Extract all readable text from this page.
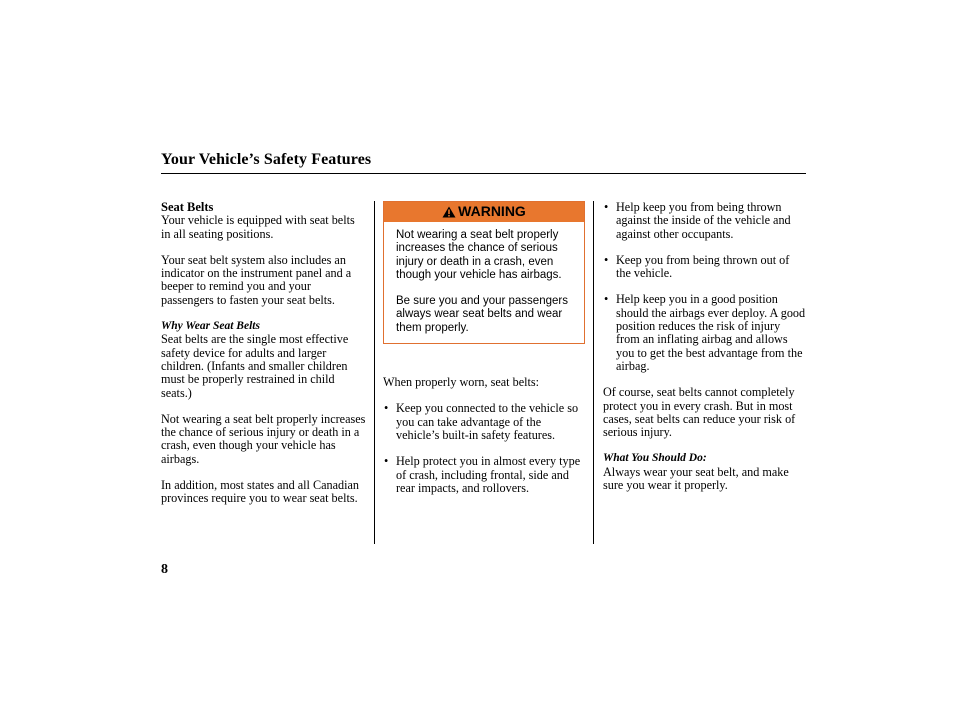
Your Vehicle’s Safety Features
Seat Belts

Your vehicle is equipped with seat belts in all seating positions.

Your seat belt system also includes an indicator on the instrument panel and a beeper to remind you and your passengers to fasten your seat belts.

Why Wear Seat Belts

Seat belts are the single most effective safety device for adults and larger children. (Infants and smaller children must be properly restrained in child seats.)

Not wearing a seat belt properly increases the chance of serious injury or death in a crash, even though your vehicle has airbags.

In addition, most states and all Canadian provinces require you to wear seat belts.

WARNING

Not wearing a seat belt properly increases the chance of serious injury or death in a crash, even though your vehicle has airbags.

Be sure you and your passengers always wear seat belts and wear them properly.

When properly worn, seat belts:

• Keep you connected to the vehicle so you can take advantage of the vehicle’s built-in safety features.
• Help protect you in almost every type of crash, including frontal, side and rear impacts, and rollovers.
• Help keep you from being thrown against the inside of the vehicle and against other occupants.
• Keep you from being thrown out of the vehicle.
• Help keep you in a good position should the airbags ever deploy. A good position reduces the risk of injury from an inflating airbag and allows you to get the best advantage from the airbag.

Of course, seat belts cannot completely protect you in every crash. But in most cases, seat belts can reduce your risk of serious injury.

What You Should Do:

Always wear your seat belt, and make sure you wear it properly.

8
